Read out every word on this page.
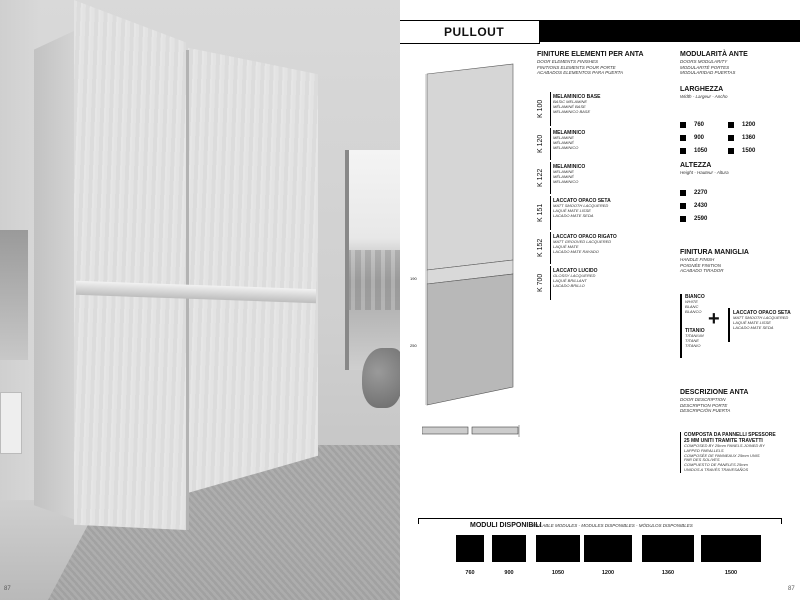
87
PULLOUT
190
250
FINITURE ELEMENTI PER ANTA
DOOR ELEMENTS FINISHES
FINITIONS ELEMENTS POUR PORTE
ACABADOS ELEMENTOS PARA PUERTA
K 100
MELAMINICO BASE
BASIC MELAMINE
MÉLAMINÉ BASE
MELAMINICO BASE
K 120
MELAMINICO
MELAMINE
MÉLAMINÉ
MELAMINICO
K 122
MELAMINICO
MELAMINE
MÉLAMINÉ
MELAMINICO
K 151
LACCATO OPACO SETA
MATT SMOOTH LACQUERED
LAQUÉ MATE LISSE
LACADO MATE SEDA
K 152
LACCATO OPACO RIGATO
MATT GROOVED LACQUERED
LAQUÉ MATE
LACADO MATE RAYADO
K 700
LACCATO LUCIDO
GLOSSY LACQUERED
LAQUÉ BRILLANT
LACADO BRILLO
MODULARITÀ ANTE
DOORS MODULARITY
MODULARITÉ PORTES
MODULARIDAD PUERTAS
LARGHEZZA
Width - Largeur - Ancho
760	1200
900	1360
1050	1500
ALTEZZA
Height - Hauteur - Altura
2270
2430
2590
FINITURA MANIGLIA
HANDLE FINISH
POIGNÉE FINITION
ACABADO TIRADOR
BIANCO
WHITE
BLANC
BLANCO
TITANIO
TITANIUM
TITANE
TITANIO
+	LACCATO OPACO SETA
MATT SMOOTH LACQUERED
LAQUÉ MATE LISSE
LACADO MATE SEDA
DESCRIZIONE ANTA
DOOR DESCRIPTION
DESCRIPTION PORTE
DESCRIPCIÓN PUERTA
COMPOSTA DA PANNELLI SPESSORE
25 MM UNITI TRAMITE TRAVETTI
COMPOSED BY 25mm PANELS JOINED BY
LAPPED PARALLELS
COMPOSÉE DE PANNEAUX 25mm UNIS
PAR DES SOLIVES
COMPUESTO DE PANELES 25mm
UNIDOS A TRAVÉS TRAVESAÑOS
MODULI DISPONIBILI
AVAILABLE MODULES - MODULES DISPONIBLES - MÓDULOS DISPONIBLES
760	900	1050	1200	1360	1500
87
